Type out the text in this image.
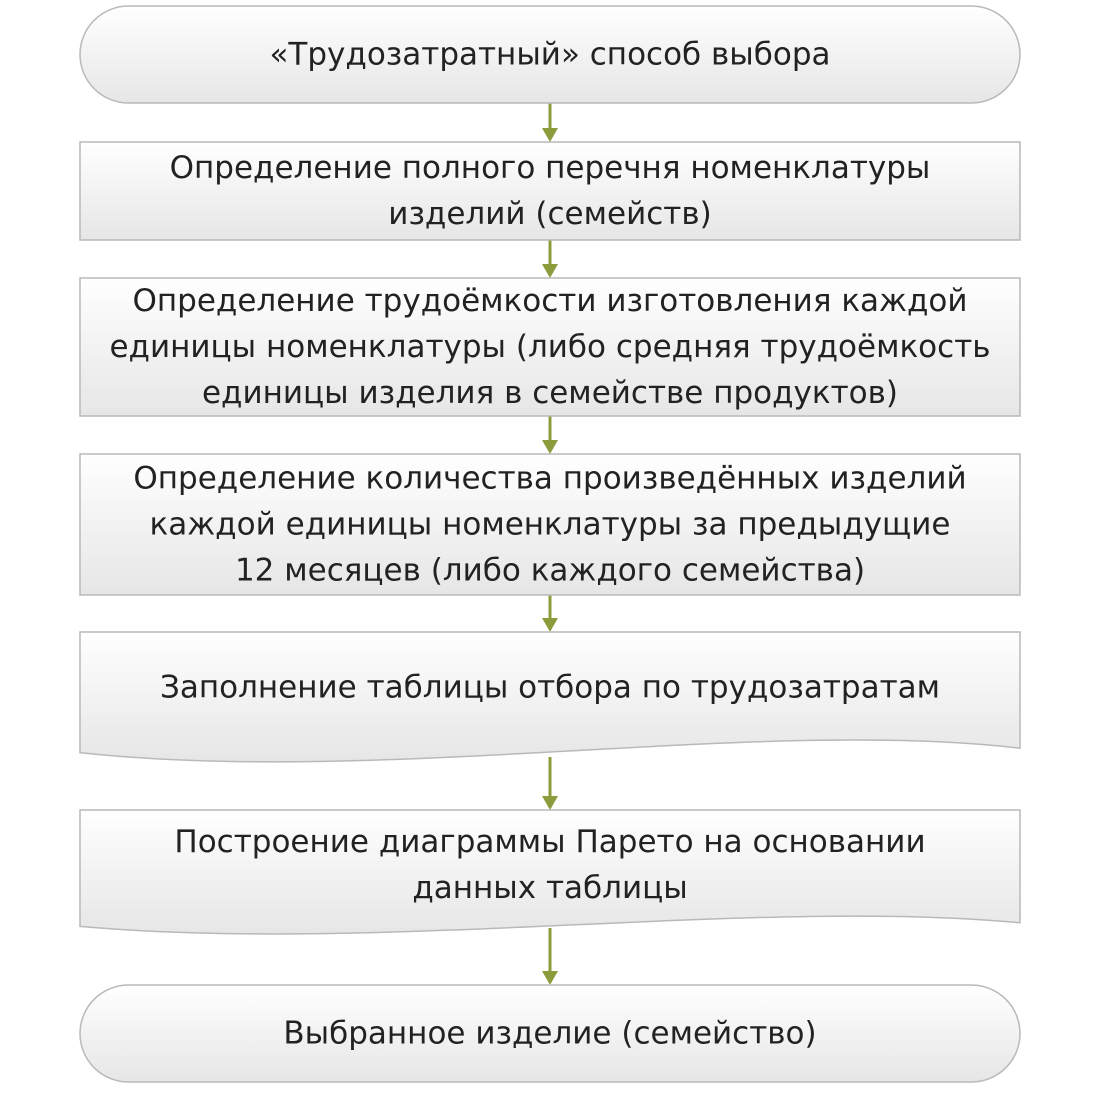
«Трудозатратный» способ выбора
Определение полного перечня номенклатуры
изделий (семейств)
Определение трудоёмкости изготовления каждой
единицы номенклатуры (либо средняя трудоёмкость
единицы изделия в семействе продуктов)
Определение количества произведённых изделий
каждой единицы номенклатуры за предыдущие
12 месяцев (либо каждого семейства)
Заполнение таблицы отбора по трудозатратам
Построение диаграммы Парето на основании
данных таблицы
Выбранное изделие (семейство)
